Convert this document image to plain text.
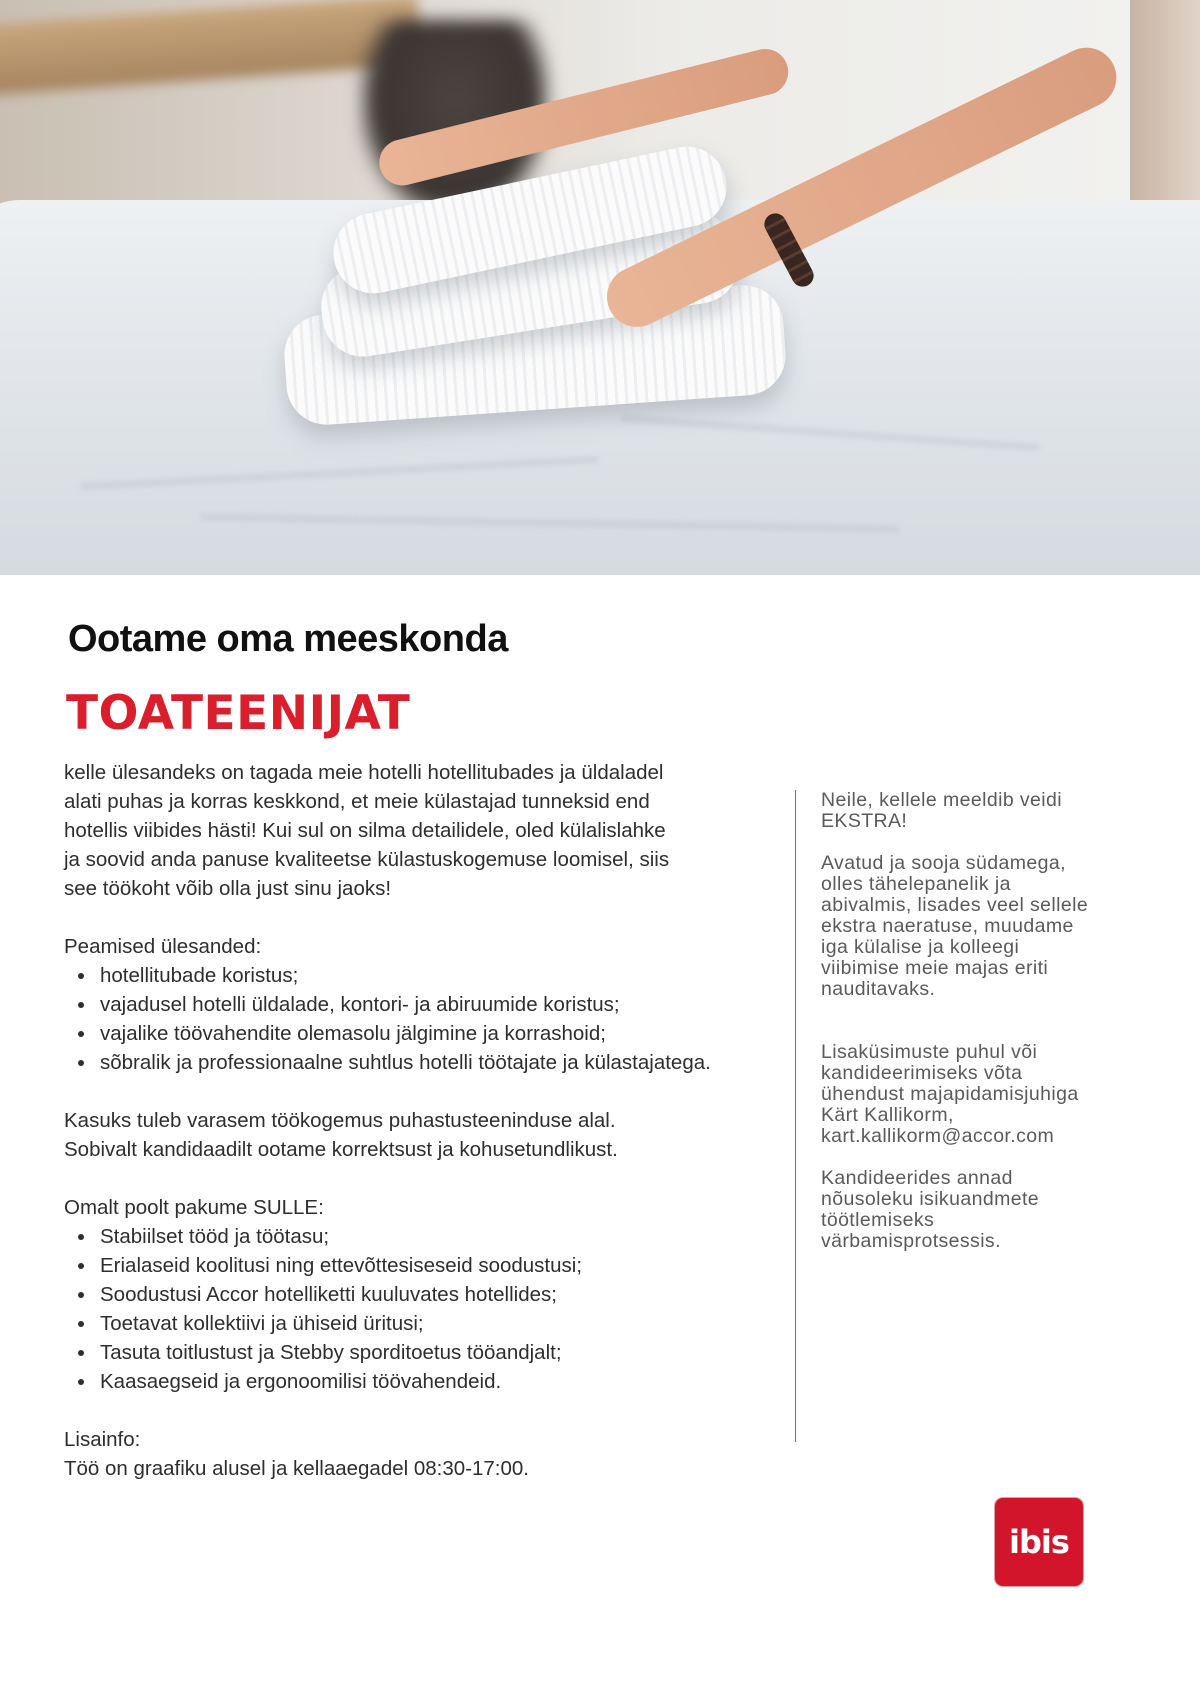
Ootame oma meeskonda
TOATEENIJAT

kelle ülesandeks on tagada meie hotelli hotellitubades ja üldaladel

alati puhas ja korras keskkond, et meie külastajad tunneksid end

hotellis viibides hästi! Kui sul on silma detailidele, oled külalislahke

ja soovid anda panuse kvaliteetse külastuskogemuse loomisel, siis

see töökoht võib olla just sinu jaoks!

Peamised ülesanded:

hotellitubade koristus;
vajadusel hotelli üldalade, kontori- ja abiruumide koristus;
vajalike töövahendite olemasolu jälgimine ja korrashoid;
sõbralik ja professionaalne suhtlus hotelli töötajate ja külastajatega.

Kasuks tuleb varasem töökogemus puhastusteeninduse alal.

Sobivalt kandidaadilt ootame korrektsust ja kohusetundlikust.

Omalt poolt pakume SULLE:

Stabiilset tööd ja töötasu;
Erialaseid koolitusi ning ettevõttesiseseid soodustusi;
Soodustusi Accor hotelliketti kuuluvates hotellides;
Toetavat kollektiivi ja ühiseid üritusi;
Tasuta toitlustust ja Stebby sporditoetus tööandjalt;
Kaasaegseid ja ergonoomilisi töövahendeid.

Lisainfo:

Töö on graafiku alusel ja kellaaegadel 08:30-17:00.

Neile, kellele meeldib veidi

EKSTRA!

Avatud ja sooja südamega,

olles tähelepanelik ja

abivalmis, lisades veel sellele

ekstra naeratuse, muudame

iga külalise ja kolleegi

viibimise meie majas eriti

nauditavaks.

Lisaküsimuste puhul või

kandideerimiseks võta

ühendust majapidamisjuhiga

Kärt Kallikorm,

kart.kallikorm@accor.com

Kandideerides annad

nõusoleku isikuandmete

töötlemiseks

värbamisprotsessis.

ibis
